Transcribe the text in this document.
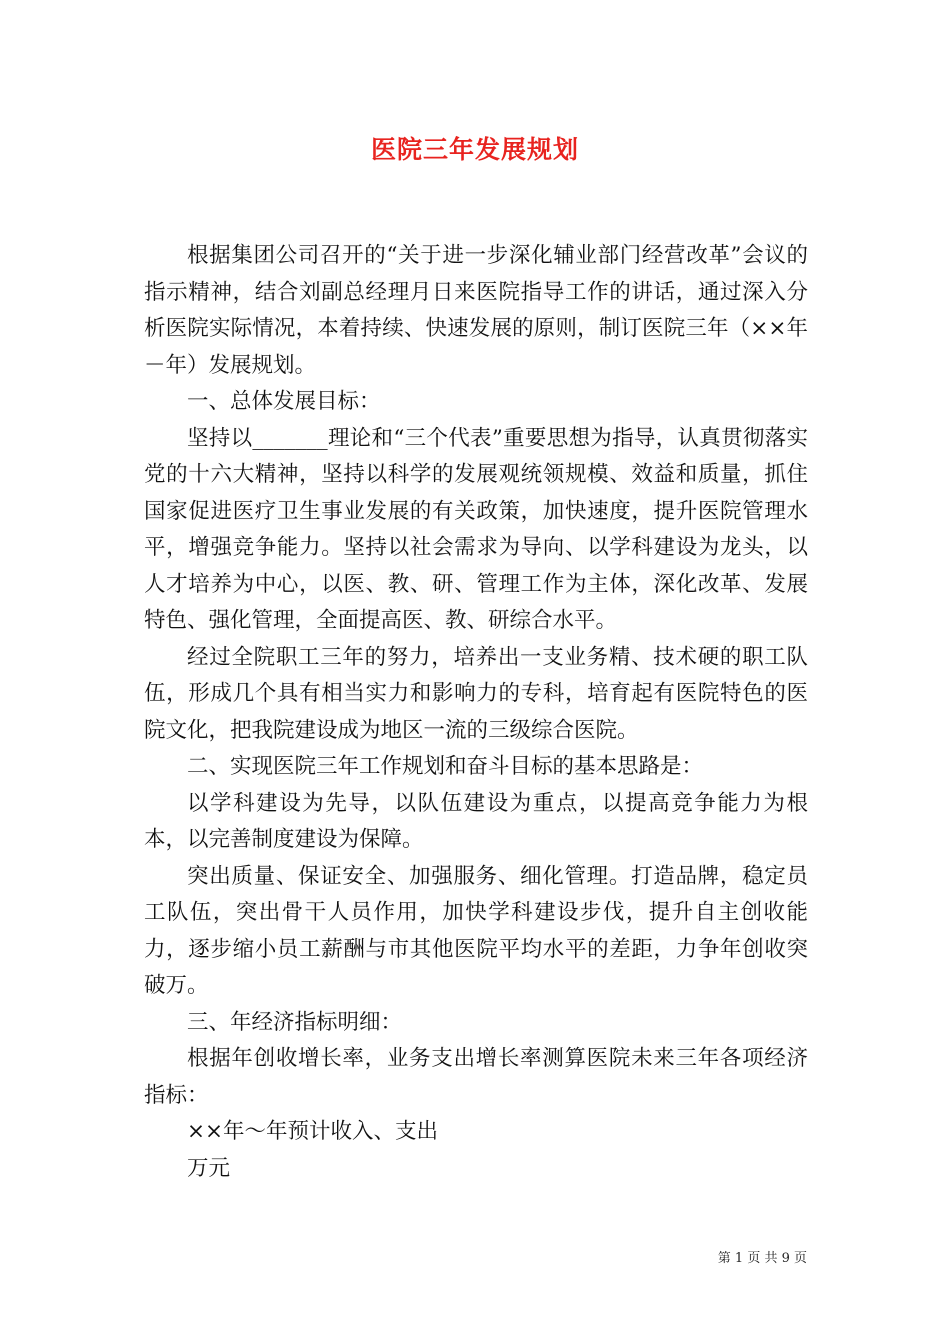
医院三年发展规划

根据集团公司召开的“关于进一步深化辅业部门经营改革”会议的指示精神，结合刘副总经理月日来医院指导工作的讲话，通过深入分析医院实际情况，本着持续、快速发展的原则，制订医院三年（××年－年）发展规划。

一、总体发展目标：

坚持以_______理论和“三个代表”重要思想为指导，认真贯彻落实党的十六大精神，坚持以科学的发展观统领规模、效益和质量，抓住国家促进医疗卫生事业发展的有关政策，加快速度，提升医院管理水平，增强竞争能力。坚持以社会需求为导向、以学科建设为龙头，以人才培养为中心，以医、教、研、管理工作为主体，深化改革、发展特色、强化管理，全面提高医、教、研综合水平。

经过全院职工三年的努力，培养出一支业务精、技术硬的职工队伍，形成几个具有相当实力和影响力的专科，培育起有医院特色的医院文化，把我院建设成为地区一流的三级综合医院。

二、实现医院三年工作规划和奋斗目标的基本思路是：

以学科建设为先导，以队伍建设为重点，以提高竞争能力为根本，以完善制度建设为保障。

突出质量、保证安全、加强服务、细化管理。打造品牌，稳定员工队伍，突出骨干人员作用，加快学科建设步伐，提升自主创收能力，逐步缩小员工薪酬与市其他医院平均水平的差距，力争年创收突破万。

三、年经济指标明细：

根据年创收增长率，业务支出增长率测算医院未来三年各项经济指标：

××年～年预计收入、支出

万元

第 1 页 共 9 页
